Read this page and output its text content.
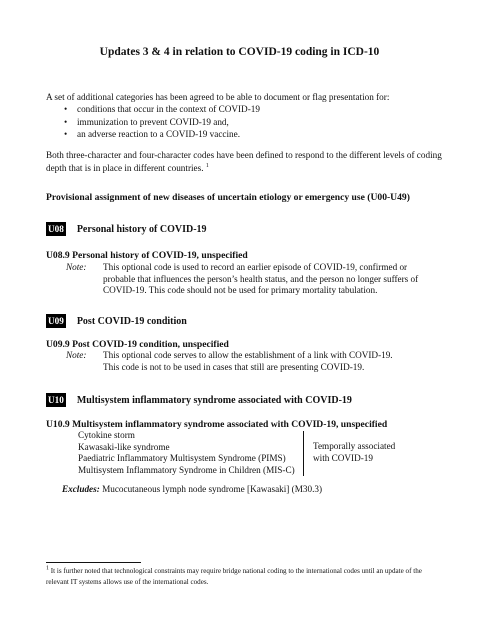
Updates 3 & 4 in relation to COVID-19 coding in ICD-10
A set of additional categories has been agreed to be able to document or flag presentation for:
• conditions that occur in the context of COVID-19
• immunization to prevent COVID-19 and,
• an adverse reaction to a COVID-19 vaccine.
Both three-character and four-character codes have been defined to respond to the different levels of coding depth that is in place in different countries. $^1$
Provisional assignment of new diseases of uncertain etiology or emergency use (U00-U49)
U08 Personal history of COVID-19
U08.9 Personal history of COVID-19, unspecified
Note: This optional code is used to record an earlier episode of COVID-19, confirmed or
probable that influences the person’s health status, and the person no longer suffers of
COVID-19. This code should not be used for primary mortality tabulation.
U09 Post COVID-19 condition
U09.9 Post COVID-19 condition, unspecified
Note: This optional code serves to allow the establishment of a link with COVID-19.
This code is not to be used in cases that still are presenting COVID-19.
U10 Multisystem inflammatory syndrome associated with COVID-19
U10.9 Multisystem inflammatory syndrome associated with COVID-19, unspecified
Cytokine storm
Kawasaki-like syndrome
Paediatric Inflammatory Multisystem Syndrome (PIMS)
Multisystem Inflammatory Syndrome in Children (MIS-C)
Temporally associated
with COVID-19
Excludes: Mucocutaneous lymph node syndrome [Kawasaki] (M30.3)
$^1$ It is further noted that technological constraints may require bridge national coding to the international codes until an update of the relevant IT systems allows use of the international codes.
